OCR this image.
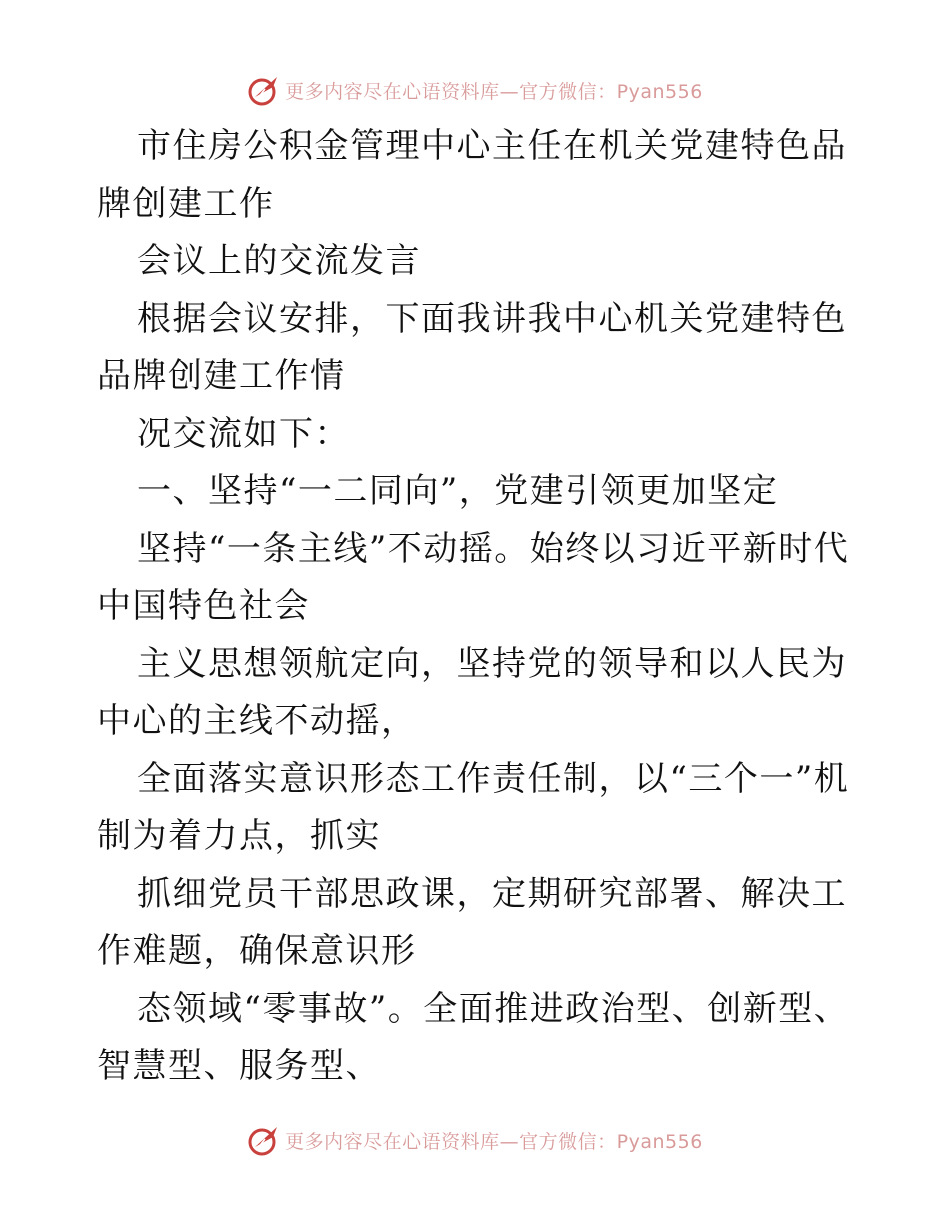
更多内容尽在心语资料库—官方微信：Pyan556

市住房公积金管理中心主任在机关党建特色品牌创建工作

会议上的交流发言

根据会议安排，下面我讲我中心机关党建特色品牌创建工作情

况交流如下：

一、坚持“一二同向”，党建引领更加坚定

坚持“一条主线”不动摇。始终以习近平新时代中国特色社会

主义思想领航定向，坚持党的领导和以人民为中心的主线不动摇，

全面落实意识形态工作责任制，以“三个一”机制为着力点，抓实

抓细党员干部思政课，定期研究部署、解决工作难题，确保意识形

态领域“零事故”。全面推进政治型、创新型、智慧型、服务型、

更多内容尽在心语资料库—官方微信：Pyan556
